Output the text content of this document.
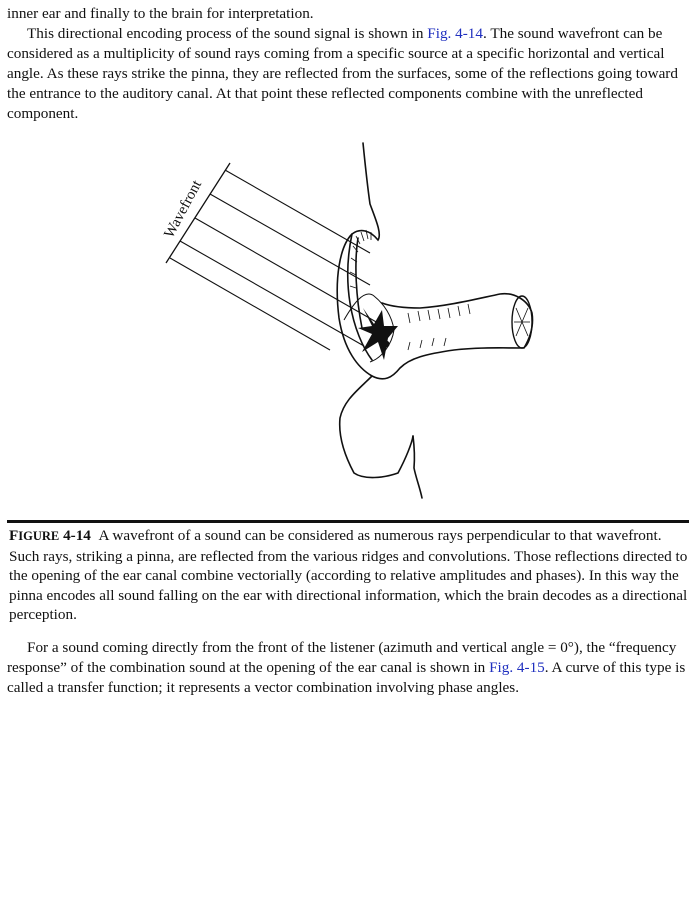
inner ear and finally to the brain for interpretation.

This directional encoding process of the sound signal is shown in Fig. 4-14. The sound wavefront can be considered as a multiplicity of sound rays coming from a specific source at a specific horizontal and vertical angle. As these rays strike the pinna, they are reflected from the surfaces, some of the reflections going toward the entrance to the auditory canal. At that point these reflected components combine with the unreflected component.

Wavefront
FIGURE 4-14 A wavefront of a sound can be considered as numerous rays perpendicular to that wavefront. Such rays, striking a pinna, are reflected from the various ridges and convolutions. Those reflections directed to the opening of the ear canal combine vectorially (according to relative amplitudes and phases). In this way the pinna encodes all sound falling on the ear with directional information, which the brain decodes as a directional perception.

For a sound coming directly from the front of the listener (azimuth and vertical angle = 0°), the “frequency response” of the combination sound at the opening of the ear canal is shown in Fig. 4-15. A curve of this type is called a transfer function; it represents a vector combination involving phase angles.
